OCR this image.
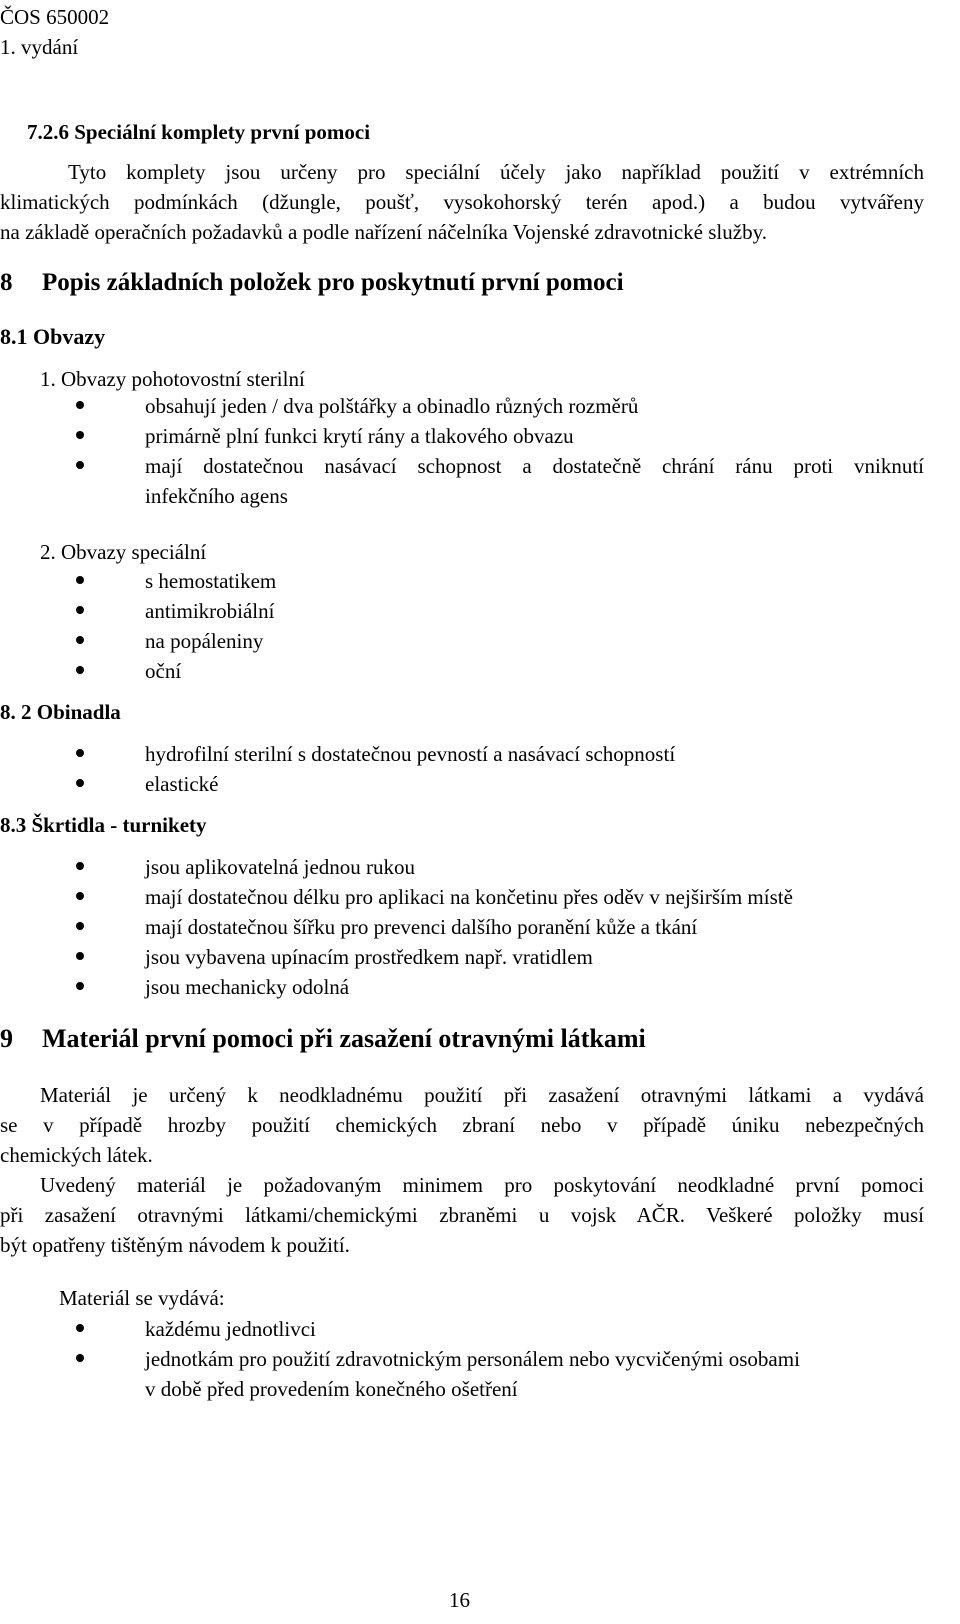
ČOS 650002
1. vydání
7.2.6 Speciální komplety první pomoci
Tyto komplety jsou určeny pro speciální účely jako například použití v extrémních
klimatických podmínkách (džungle, poušť, vysokohorský terén apod.) a budou vytvářeny
na základě operačních požadavků a podle nařízení náčelníka Vojenské zdravotnické služby.
8 Popis základních položek pro poskytnutí první pomoci
8.1 Obvazy
1. Obvazy pohotovostní sterilní
obsahují jeden / dva polštářky a obinadlo různých rozměrů
primárně plní funkci krytí rány a tlakového obvazu
mají dostatečnou nasávací schopnost a dostatečně chrání ránu proti vniknutí
infekčního agens
2. Obvazy speciální
s hemostatikem
antimikrobiální
na popáleniny
oční
8. 2 Obinadla
hydrofilní sterilní s dostatečnou pevností a nasávací schopností
elastické
8.3 Škrtidla - turnikety
jsou aplikovatelná jednou rukou
mají dostatečnou délku pro aplikaci na končetinu přes oděv v nejširším místě
mají dostatečnou šířku pro prevenci dalšího poranění kůže a tkání
jsou vybavena upínacím prostředkem např. vratidlem
jsou mechanicky odolná
9 Materiál první pomoci při zasažení otravnými látkami
Materiál je určený k neodkladnému použití při zasažení otravnými látkami a vydává
se v případě hrozby použití chemických zbraní nebo v případě úniku nebezpečných
chemických látek.
Uvedený materiál je požadovaným minimem pro poskytování neodkladné první pomoci
při zasažení otravnými látkami/chemickými zbraněmi u vojsk AČR. Veškeré položky musí
být opatřeny tištěným návodem k použití.
Materiál se vydává:
každému jednotlivci
jednotkám pro použití zdravotnickým personálem nebo vycvičenými osobami
v době před provedením konečného ošetření
16
